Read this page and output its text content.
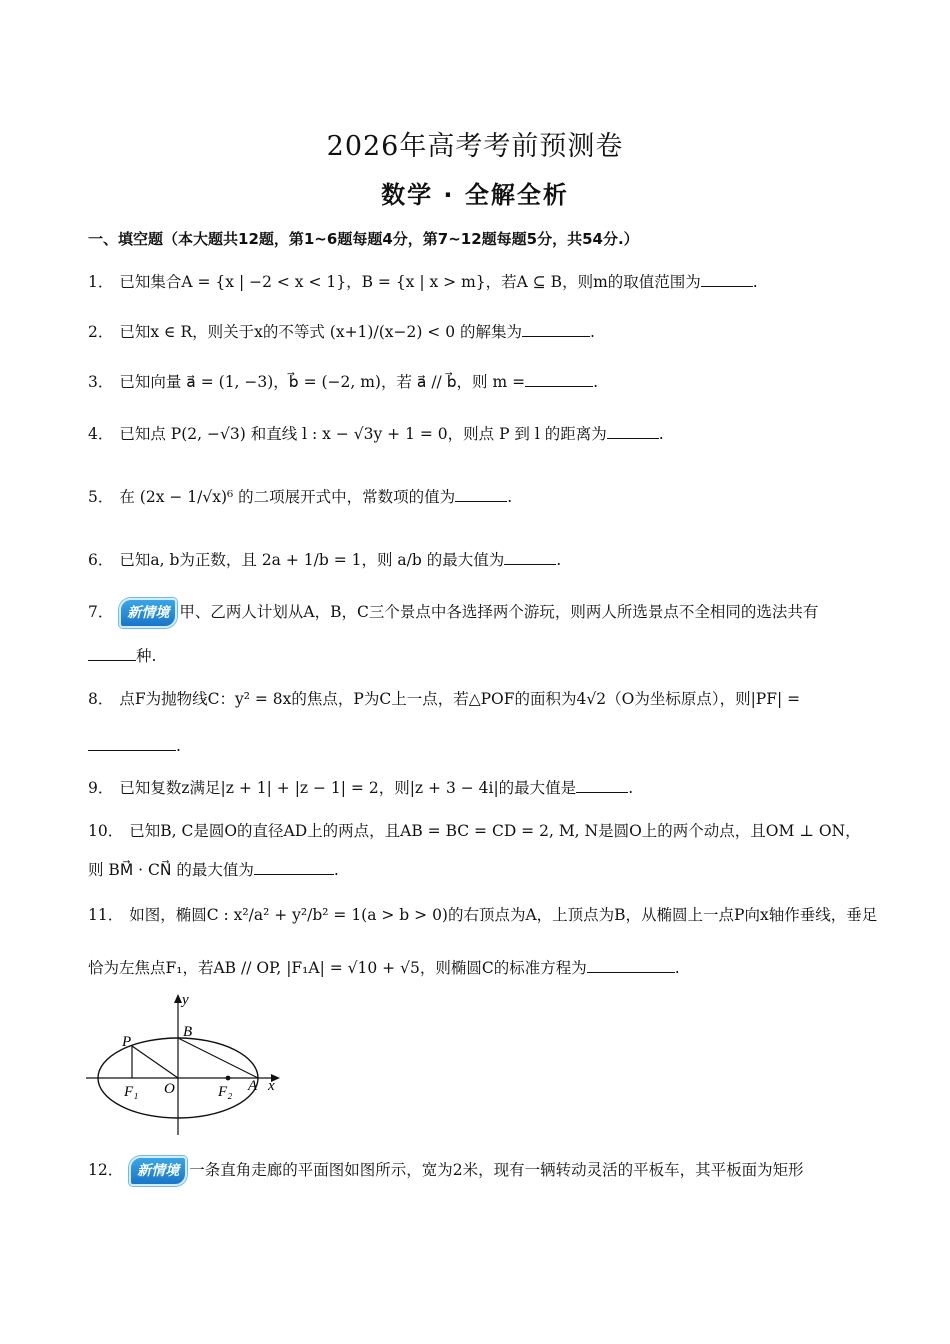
2026年高考考前预测卷
数学 · 全解全析
一、填空题（本大题共12题，第1~6题每题4分，第7~12题每题5分，共54分.）
1． 已知集合A = {x | −2 < x < 1}，B = {x | x > m}，若A ⊆ B，则m的取值范围为	.
2． 已知x ∈ R，则关于x的不等式 (x+1)/(x−2) < 0 的解集为	.
3． 已知向量 a⃗ = (1, −3)，b⃗ = (−2, m)，若 a⃗ // b⃗，则 m =	.
4． 已知点 P(2, −√3) 和直线 l : x − √3y + 1 = 0，则点 P 到 l 的距离为	.
5． 在 (2x − 1/√x)⁶ 的二项展开式中，常数项的值为	.
6． 已知a, b为正数，且 2a + 1/b = 1，则 a/b 的最大值为	.
7． 新情境 甲、乙两人计划从A，B，C三个景点中各选择两个游玩，则两人所选景点不全相同的选法共有
种.
8． 点F为抛物线C：y² = 8x的焦点，P为C上一点，若△POF的面积为4√2（O为坐标原点），则|PF| =
.
9． 已知复数z满足|z + 1| + |z − 1| = 2，则|z + 3 − 4i|的最大值是	.
10． 已知B, C是圆O的直径AD上的两点，且AB = BC = CD = 2, M, N是圆O上的两个动点，且OM ⊥ ON，
则 BM⃗ · CN⃗ 的最大值为	.
11． 如图，椭圆C : x²/a² + y²/b² = 1(a > b > 0)的右顶点为A，上顶点为B，从椭圆上一点P向x轴作垂线，垂足
恰为左焦点F₁，若AB // OP, |F₁A| = √10 + √5，则椭圆C的标准方程为	.
y
x
B
P
F₁ O	F₂ A
12． 新情境 一条直角走廊的平面图如图所示，宽为2米，现有一辆转动灵活的平板车，其平板面为矩形
